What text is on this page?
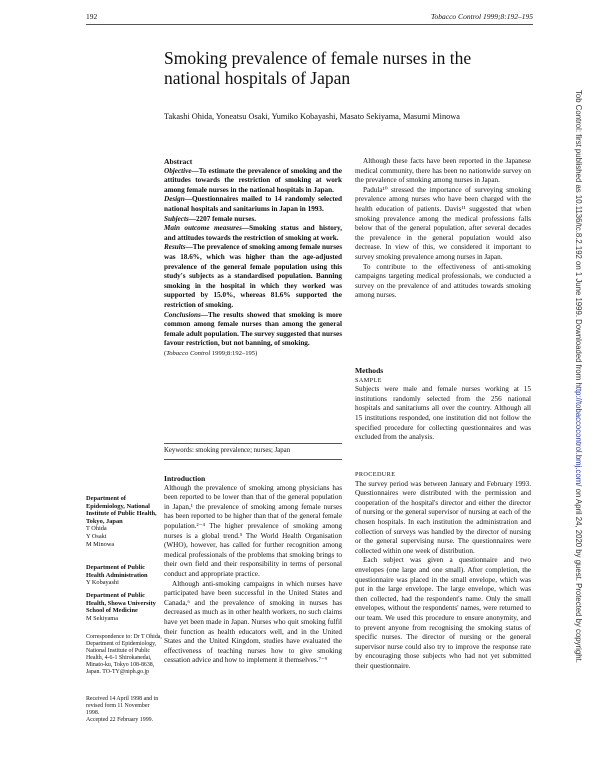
192	Tobacco Control 1999;8:192–195
Smoking prevalence of female nurses in the national hospitals of Japan
Takashi Ohida, Yoneatsu Osaki, Yumiko Kobayashi, Masato Sekiyama, Masumi Minowa

Abstract

Objective—To estimate the prevalence of smoking and the attitudes towards the restriction of smoking at work among female nurses in the national hospitals in Japan.

Design—Questionnaires mailed to 14 randomly selected national hospitals and sanitariums in Japan in 1993.

Subjects—2207 female nurses.

Main outcome measures—Smoking status and history, and attitudes towards the restriction of smoking at work.

Results—The prevalence of smoking among female nurses was 18.6%, which was higher than the age-adjusted prevalence of the general female population using this study's subjects as a standardised population. Banning smoking in the hospital in which they worked was supported by 15.0%, whereas 81.6% supported the restriction of smoking.

Conclusions—The results showed that smoking is more common among female nurses than among the general female adult population. The survey suggested that nurses favour restriction, but not banning, of smoking.

(Tobacco Control 1999;8:192–195)

Keywords: smoking prevalence; nurses; Japan

Introduction

Although the prevalence of smoking among physicians has been reported to be lower than that of the general population in Japan,¹ the prevalence of smoking among female nurses has been reported to be higher than that of the general female population.²⁻⁴ The higher prevalence of smoking among nurses is a global trend.⁵ The World Health Organisation (WHO), however, has called for further recognition among medical professionals of the problems that smoking brings to their own field and their responsibility in terms of personal conduct and appropriate practice.

Although anti-smoking campaigns in which nurses have participated have been successful in the United States and Canada,⁶ and the prevalence of smoking in nurses has decreased as much as in other health workers, no such claims have yet been made in Japan. Nurses who quit smoking fulfil their function as health educators well, and in the United States and the United Kingdom, studies have evaluated the effectiveness of teaching nurses how to give smoking cessation advice and how to implement it themselves.⁷⁻⁹

Although these facts have been reported in the Japanese medical community, there has been no nationwide survey on the prevalence of smoking among nurses in Japan.

Padula¹⁰ stressed the importance of surveying smoking prevalence among nurses who have been charged with the health education of patients. Davis¹¹ suggested that when smoking prevalence among the medical professions falls below that of the general population, after several decades the prevalence in the general population would also decrease. In view of this, we considered it important to survey smoking prevalence among nurses in Japan.

To contribute to the effectiveness of anti-smoking campaigns targeting medical professionals, we conducted a survey on the prevalence of and attitudes towards smoking among nurses.

Methods

SAMPLE

Subjects were male and female nurses working at 15 institutions randomly selected from the 256 national hospitals and sanitariums all over the country. Although all 15 institutions responded, one institution did not follow the specified procedure for collecting questionnaires and was excluded from the analysis.

PROCEDURE

The survey period was between January and February 1993. Questionnaires were distributed with the permission and cooperation of the hospital's director and either the director of nursing or the general supervisor of nursing at each of the chosen hospitals. In each institution the administration and collection of surveys was handled by the director of nursing or the general supervising nurse. The questionnaires were collected within one week of distribution.

Each subject was given a questionnaire and two envelopes (one large and one small). After completion, the questionnaire was placed in the small envelope, which was put in the large envelope. The large envelope, which was then collected, had the respondent's name. Only the small envelopes, without the respondents' names, were returned to our team. We used this procedure to ensure anonymity, and to prevent anyone from recognising the smoking status of specific nurses. The director of nursing or the general supervisor nurse could also try to improve the response rate by encouraging those subjects who had not yet submitted their questionnaire.

Department of Epidemiology, National Institute of Public Health, Tokyo, Japan
T Ohida
Y Osaki
M Minowa
Department of Public Health Administration
Y Kobayashi
Department of Public Health, Showa University School of Medicine
M Sekiyama
Correspondence to: Dr T Ohida, Department of Epidemiology, National Institute of Public Health, 4-6-1 Shirokanedai, Minato-ku, Tokyo 108-8638, Japan. TO-TY@niph.go.jp
Received 14 April 1998 and in revised form 11 November 1998.
Accepted 22 February 1999.
Tob Control: first published as 10.1136/tc.8.2.192 on 1 June 1999. Downloaded from http://tobaccocontrol.bmj.com/ on April 24, 2020 by guest. Protected by copyright.
